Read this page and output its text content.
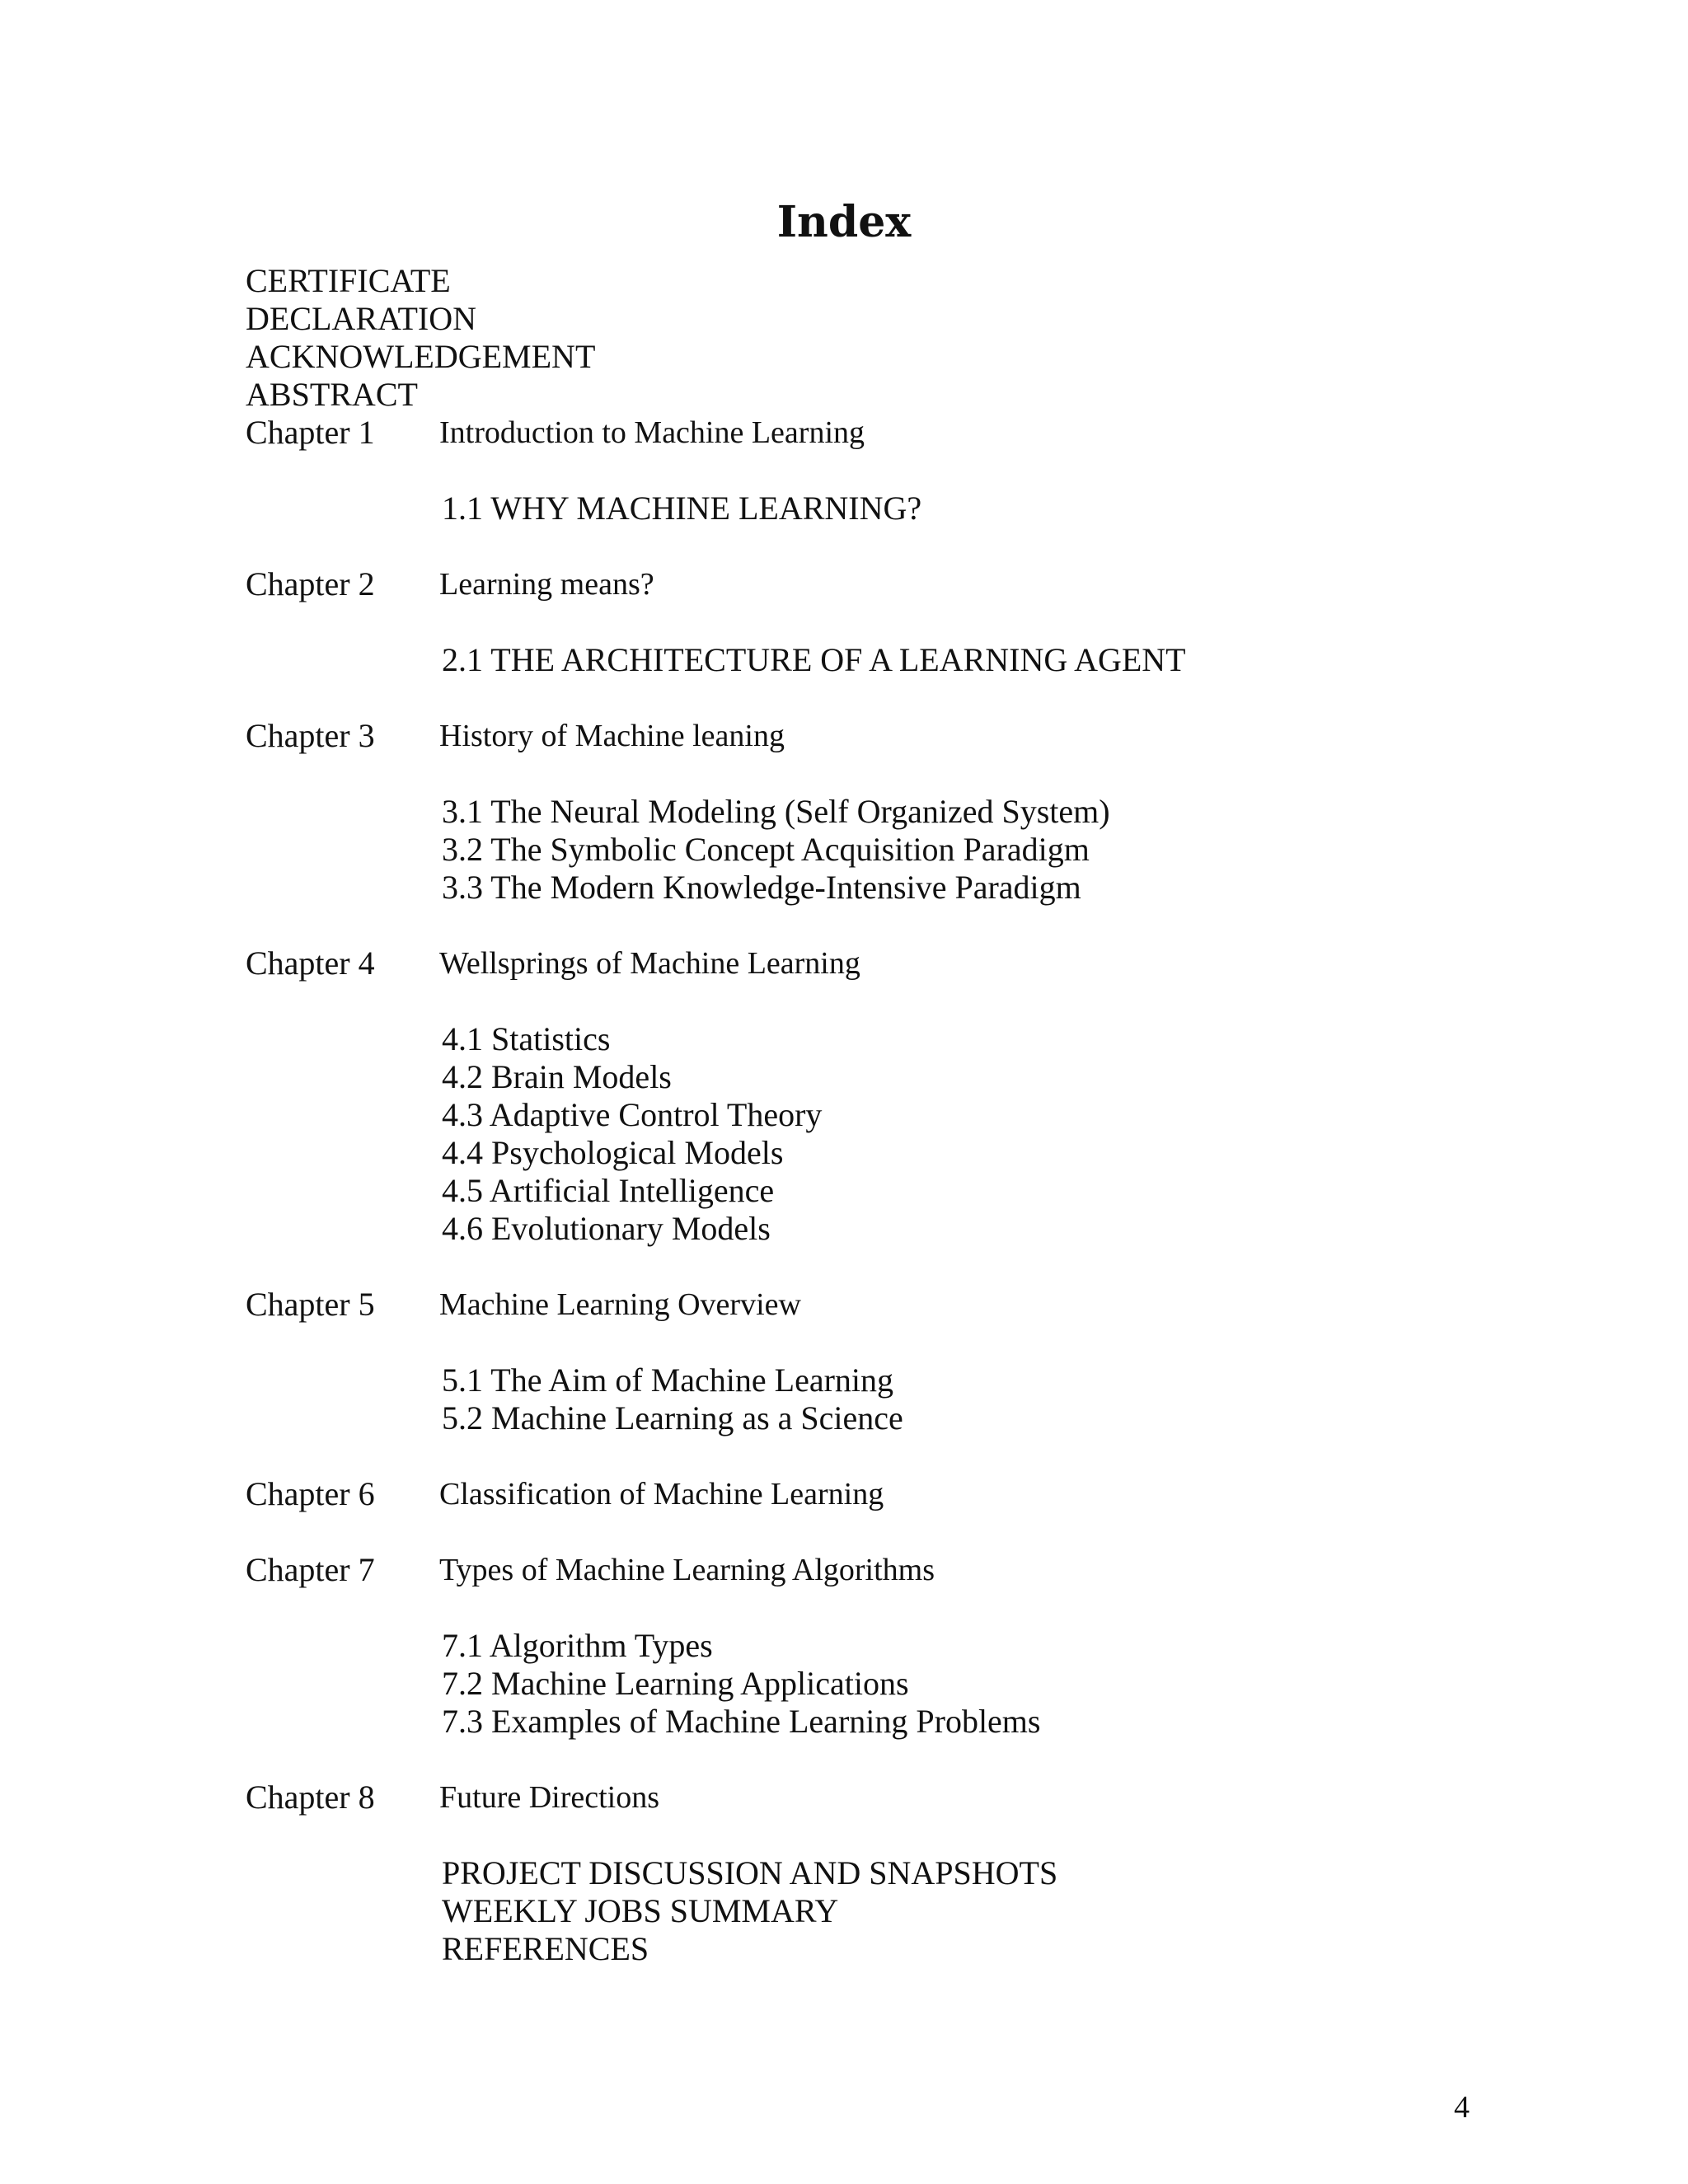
Index
CERTIFICATE
DECLARATION
ACKNOWLEDGEMENT
ABSTRACT
Chapter 1 Introduction to Machine Learning
1.1 WHY MACHINE LEARNING?
Chapter 2 Learning means?
2.1 THE ARCHITECTURE OF A LEARNING AGENT
Chapter 3 History of Machine leaning
3.1 The Neural Modeling (Self Organized System)
3.2 The Symbolic Concept Acquisition Paradigm
3.3 The Modern Knowledge-Intensive Paradigm
Chapter 4 Wellsprings of Machine Learning
4.1 Statistics
4.2 Brain Models
4.3 Adaptive Control Theory
4.4 Psychological Models
4.5 Artificial Intelligence
4.6 Evolutionary Models
Chapter 5 Machine Learning Overview
5.1 The Aim of Machine Learning
5.2 Machine Learning as a Science
Chapter 6 Classification of Machine Learning
Chapter 7 Types of Machine Learning Algorithms
7.1 Algorithm Types
7.2 Machine Learning Applications
7.3 Examples of Machine Learning Problems
Chapter 8 Future Directions
PROJECT DISCUSSION AND SNAPSHOTS
WEEKLY JOBS SUMMARY
REFERENCES
4
